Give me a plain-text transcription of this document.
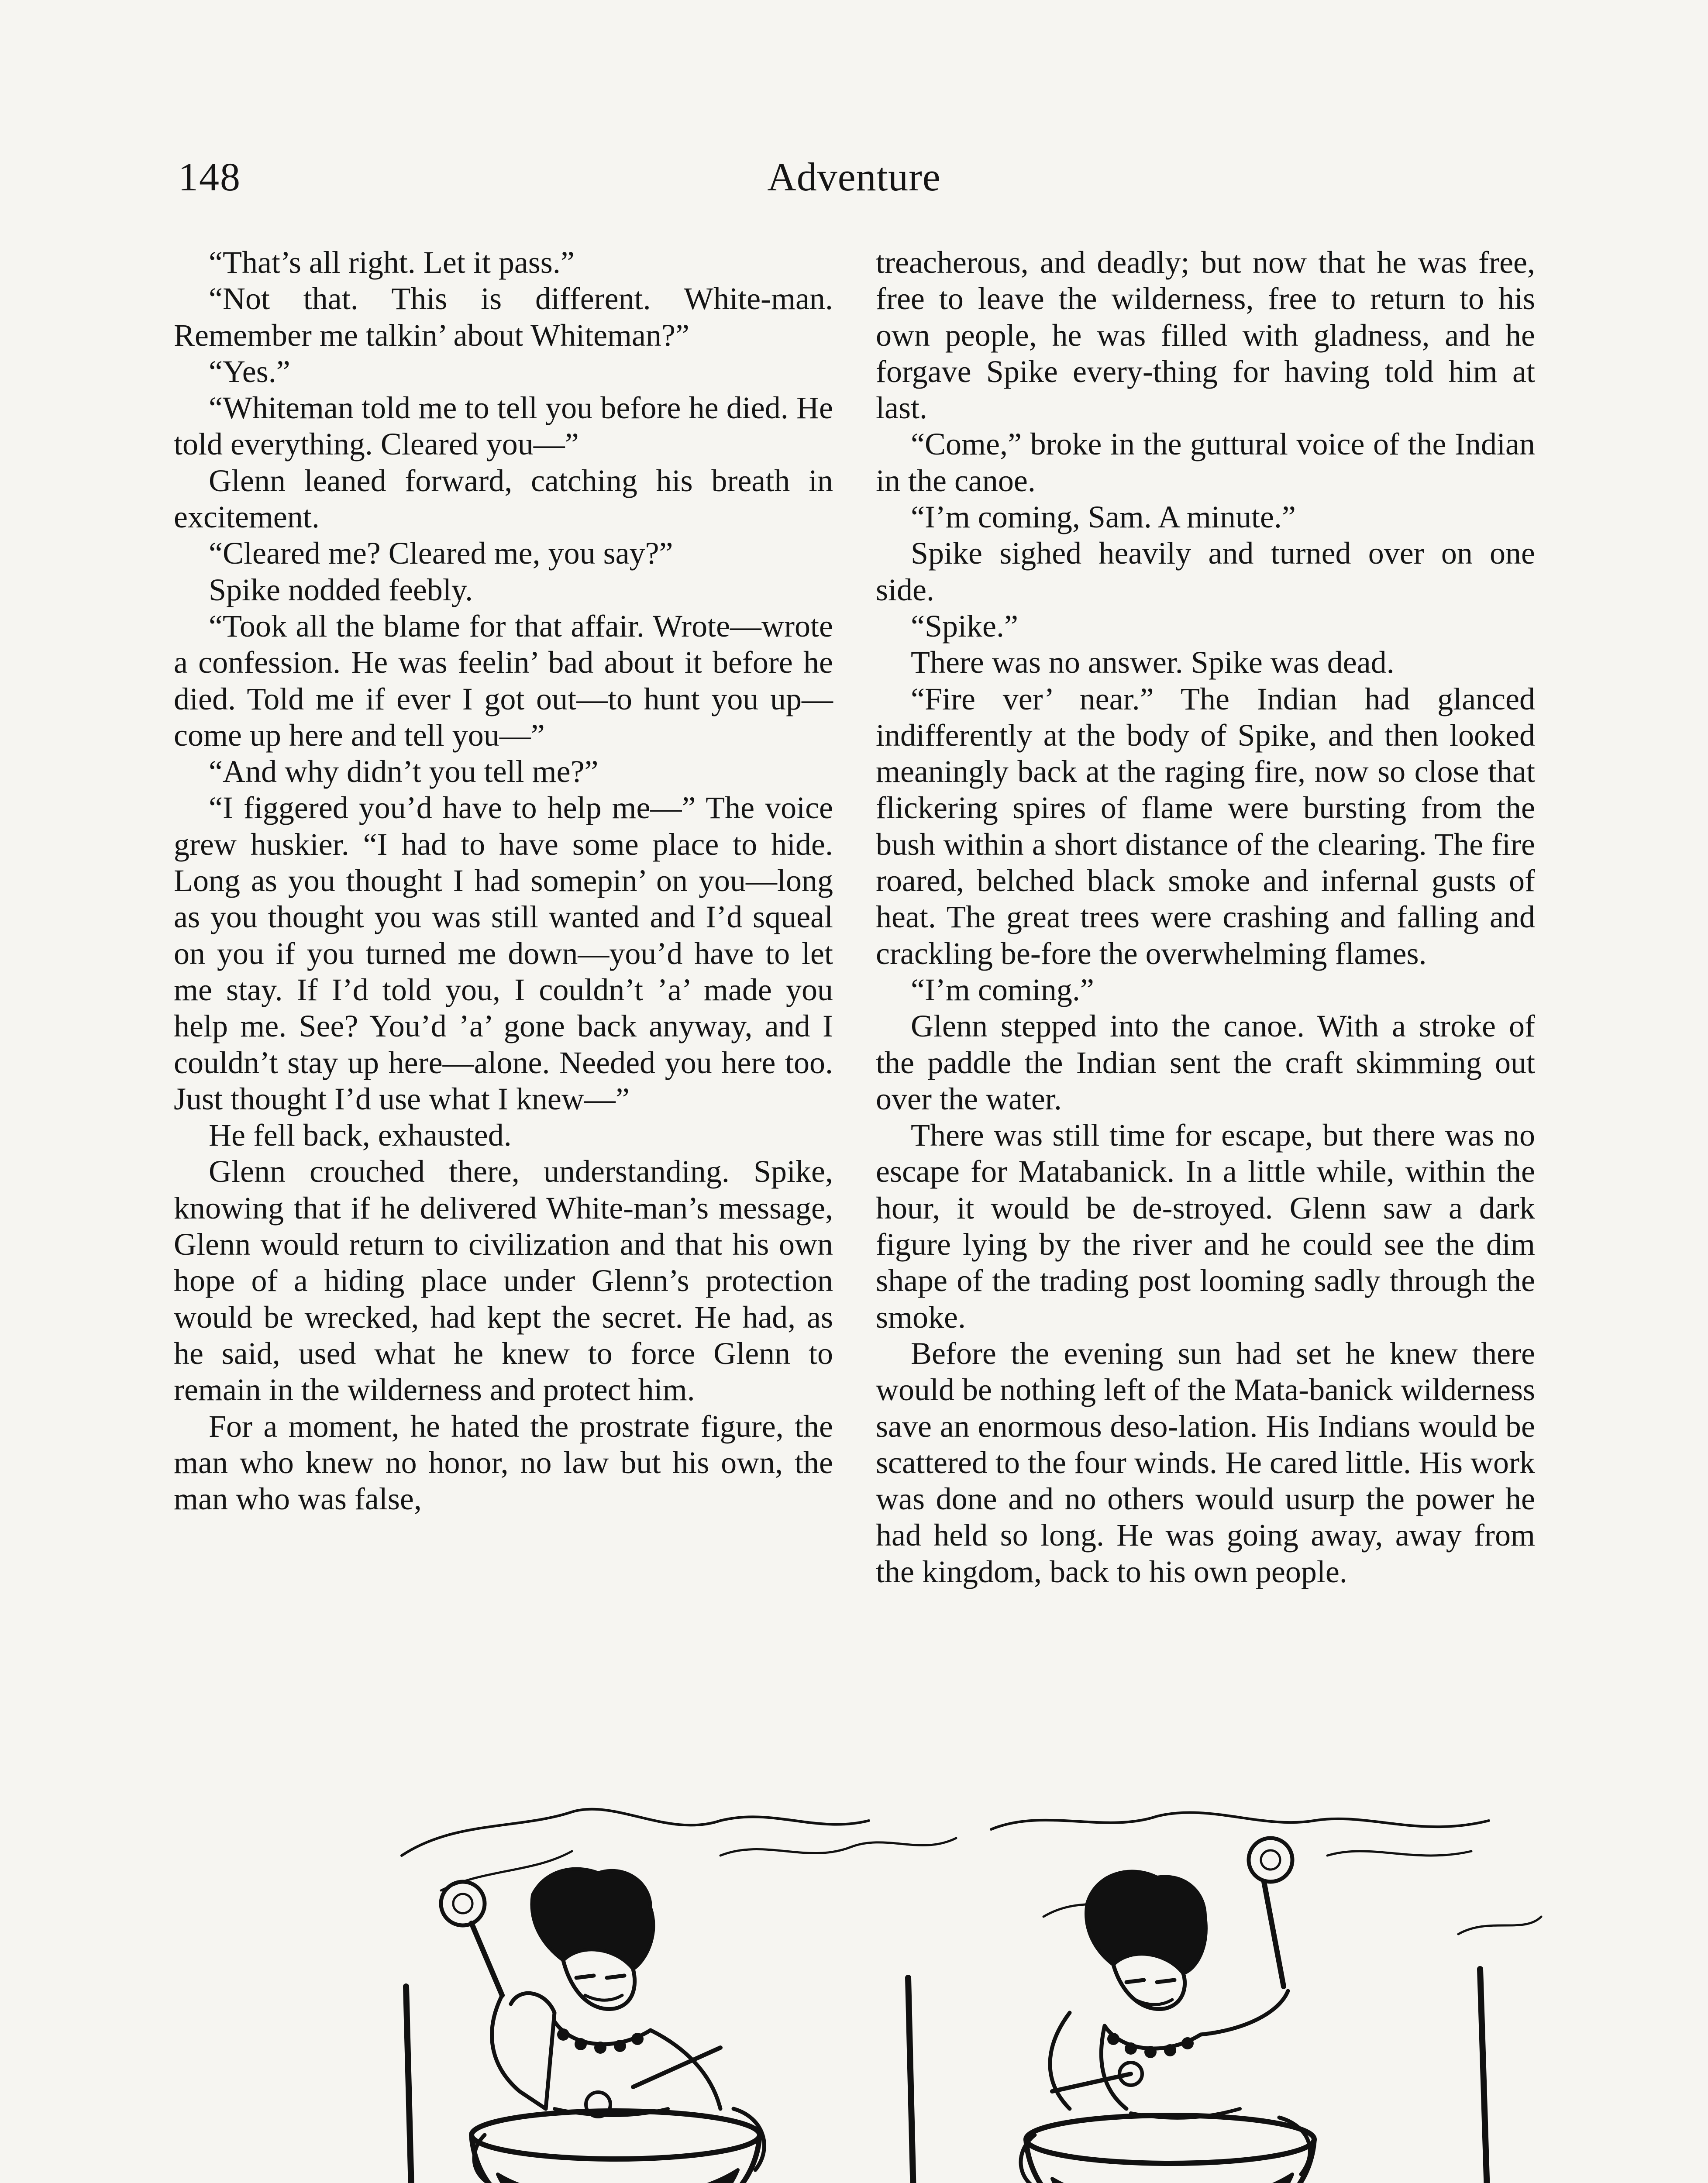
148	Adventure

“That’s all right. Let it pass.”

“Not that. This is different. White-man. Remember me talkin’ about Whiteman?”

“Yes.”

“Whiteman told me to tell you before he died. He told everything. Cleared you—”

Glenn leaned forward, catching his breath in excitement.

“Cleared me? Cleared me, you say?”

Spike nodded feebly.

“Took all the blame for that affair. Wrote—wrote a confession. He was feelin’ bad about it before he died. Told me if ever I got out—to hunt you up—come up here and tell you—”

“And why didn’t you tell me?”

“I figgered you’d have to help me—” The voice grew huskier. “I had to have some place to hide. Long as you thought I had somepin’ on you—long as you thought you was still wanted and I’d squeal on you if you turned me down—you’d have to let me stay. If I’d told you, I couldn’t ’a’ made you help me. See? You’d ’a’ gone back anyway, and I couldn’t stay up here—alone. Needed you here too. Just thought I’d use what I knew—”

He fell back, exhausted.

Glenn crouched there, understanding. Spike, knowing that if he delivered White-man’s message, Glenn would return to civilization and that his own hope of a hiding place under Glenn’s protection would be wrecked, had kept the secret. He had, as he said, used what he knew to force Glenn to remain in the wilderness and protect him.

For a moment, he hated the prostrate figure, the man who knew no honor, no law but his own, the man who was false,

treacherous, and deadly; but now that he was free, free to leave the wilderness, free to return to his own people, he was filled with gladness, and he forgave Spike every-thing for having told him at last.

“Come,” broke in the guttural voice of the Indian in the canoe.

“I’m coming, Sam. A minute.”

Spike sighed heavily and turned over on one side.

“Spike.”

There was no answer. Spike was dead.

“Fire ver’ near.” The Indian had glanced indifferently at the body of Spike, and then looked meaningly back at the raging fire, now so close that flickering spires of flame were bursting from the bush within a short distance of the clearing. The fire roared, belched black smoke and infernal gusts of heat. The great trees were crashing and falling and crackling be-fore the overwhelming flames.

“I’m coming.”

Glenn stepped into the canoe. With a stroke of the paddle the Indian sent the craft skimming out over the water.

There was still time for escape, but there was no escape for Matabanick. In a little while, within the hour, it would be de-stroyed. Glenn saw a dark figure lying by the river and he could see the dim shape of the trading post looming sadly through the smoke.

Before the evening sun had set he knew there would be nothing left of the Mata-banick wilderness save an enormous deso-lation. His Indians would be scattered to the four winds. He cared little. His work was done and no others would usurp the power he had held so long. He was going away, away from the kingdom, back to his own people.
